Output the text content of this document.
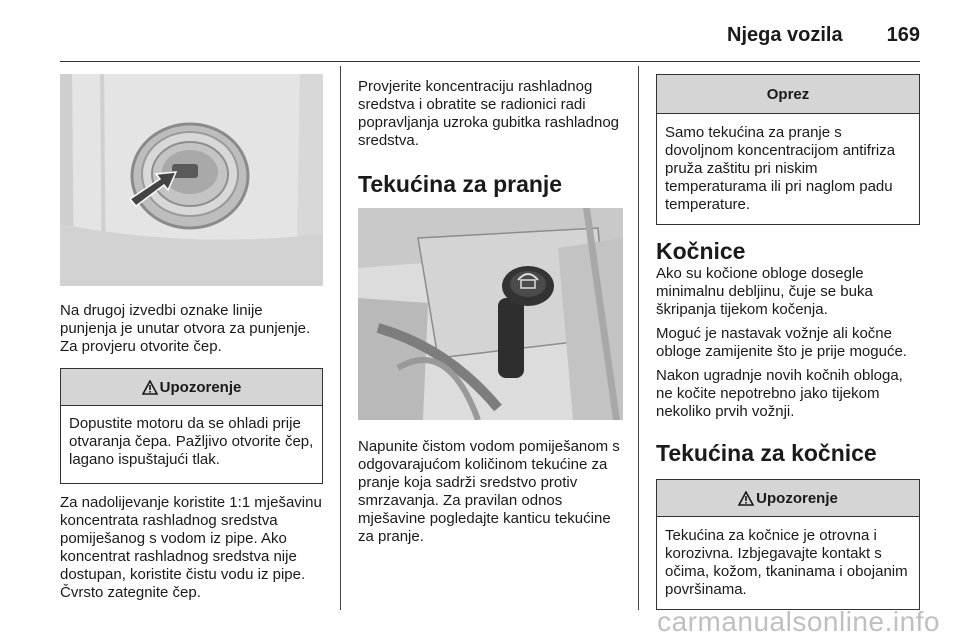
Njega vozila 169

Na drugoj izvedbi oznake linije punjenja je unutar otvora za punjenje. Za provjeru otvorite čep.

Upozorenje

Dopustite motoru da se ohladi prije otvaranja čepa. Pažljivo otvorite čep, lagano ispuštajući tlak.

Za nadolijevanje koristite 1:1 mješavinu koncentrata rashladnog sredstva pomiješanog s vodom iz pipe. Ako koncentrat rashladnog sredstva nije dostupan, koristite čistu vodu iz pipe. Čvrsto zategnite čep.

Provjerite koncentraciju rashladnog sredstva i obratite se radionici radi popravljanja uzroka gubitka rashladnog sredstva.

Tekućina za pranje

Napunite čistom vodom pomiješanom s odgovarajućom količinom tekućine za pranje koja sadrži sredstvo protiv smrzavanja. Za pravilan odnos mješavine pogledajte kanticu tekućine za pranje.

Oprez

Samo tekućina za pranje s dovoljnom koncentracijom antifriza pruža zaštitu pri niskim temperaturama ili pri naglom padu temperature.

Kočnice

Ako su kočione obloge dosegle minimalnu debljinu, čuje se buka škripanja tijekom kočenja.

Moguć je nastavak vožnje ali kočne obloge zamijenite što je prije moguće.

Nakon ugradnje novih kočnih obloga, ne kočite nepotrebno jako tijekom nekoliko prvih vožnji.

Tekućina za kočnice
Upozorenje

Tekućina za kočnice je otrovna i korozivna. Izbjegavajte kontakt s očima, kožom, tkaninama i obojanim površinama.

carmanualsonline.info
